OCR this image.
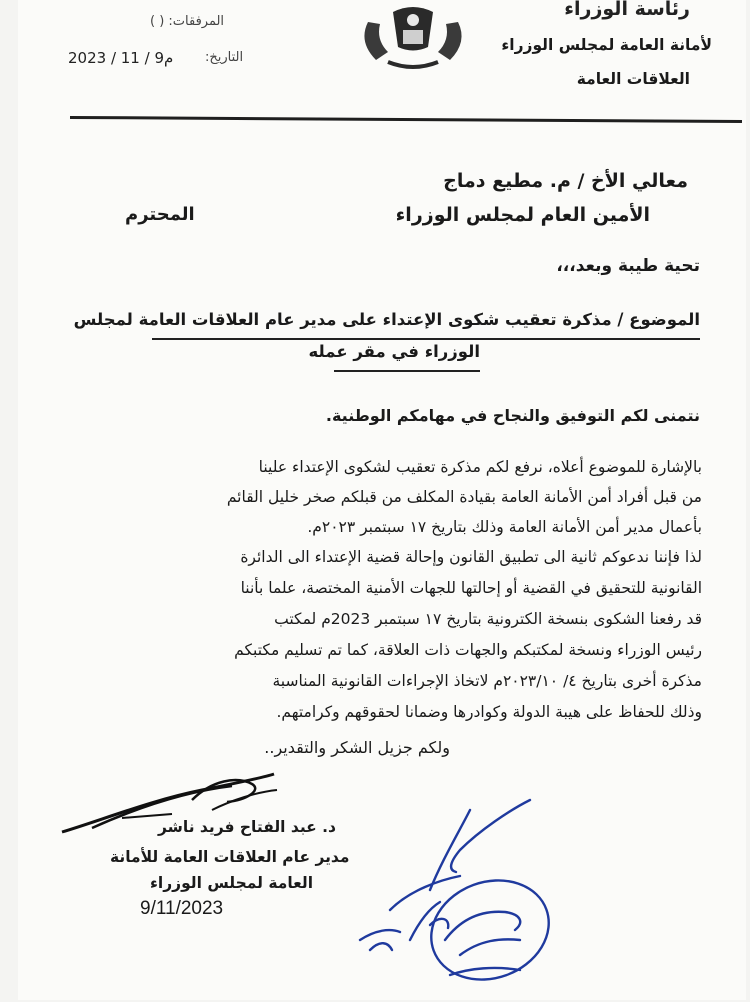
رئاسة الوزراء
لأمانة العامة لمجلس الوزراء
العلاقات العامة
المرفقات: ( )
التاريخ:
2023 / 11 / 9م
معالي الأخ / م. مطيع دماج
الأمين العام لمجلس الوزراء
المحترم
تحية طيبة وبعد،،،
الموضوع / مذكرة تعقيب شكوى الإعتداء على مدير عام العلاقات العامة لمجلس
الوزراء في مقر عمله
نتمنى لكم التوفيق والنجاح في مهامكم الوطنية.
بالإشارة للموضوع أعلاه، نرفع لكم مذكرة تعقيب لشكوى الإعتداء علينا
من قبل أفراد أمن الأمانة العامة بقيادة المكلف من قبلكم صخر خليل القائم
بأعمال مدير أمن الأمانة العامة وذلك بتاريخ ١٧ سبتمبر ٢٠٢٣م.
لذا فإننا ندعوكم ثانية الى تطبيق القانون وإحالة قضية الإعتداء الى الدائرة
القانونية للتحقيق في القضية أو إحالتها للجهات الأمنية المختصة، علما بأننا
قد رفعنا الشكوى بنسخة الكترونية بتاريخ ١٧ سبتمبر 2023م لمكتب
رئيس الوزراء ونسخة لمكتبكم والجهات ذات العلاقة، كما تم تسليم مكتبكم
مذكرة أخرى بتاريخ ٤/ ٢٠٢٣/١٠م لاتخاذ الإجراءات القانونية المناسبة
وذلك للحفاظ على هيبة الدولة وكوادرها وضمانا لحقوقهم وكرامتهم.
ولكم جزيل الشكر والتقدير..
د. عبد الفتاح فريد ناشر
مدير عام العلاقات العامة للأمانة
العامة لمجلس الوزراء
9/11/2023
